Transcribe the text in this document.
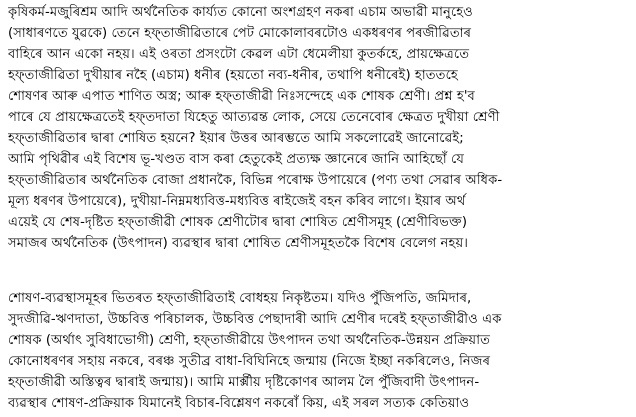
কৃষিকৰ্ম-মজুৰিশ্ৰম আদি অৰ্থনৈতিক কাৰ্য্যত কোনো অংশগ্ৰহণ নকৰা এচাম অভাৱী মানুহেও
(সাধাৰণতে যুৱকে) তেনে হফ্তাজীৱিতাৰে পেট মোকোলাবৰটোও একধৰণৰ পৰজীৱিতাৰ
বাহিৰে আন একো নহয়। এই ওৰতা প্ৰসংটো কেৱল এটা ধেমেলীয়া কুতৰ্কহে, প্ৰায়ক্ষেত্ৰতে
হফ্তাজীৱিতা দুখীয়াৰ নহৈ (এচাম) ধনীৰ (হয়তো নব্য-ধনীৰ, তথাপি ধনীৰেই) হাততহে
শোষণৰ আৰু এপাত শাণিত অস্ত্ৰ; আৰু হফ্তাজীৱী নিঃসন্দেহে এক শোষক শ্ৰেণী। প্ৰশ্ন হ'ব
পাৰে যে প্ৰায়ক্ষেত্ৰতেই হফ্তদাতা যিহেতু আত্যৱন্ত লোক, সেয়ে তেনেবোৰ ক্ষেত্ৰত দুখীয়া শ্ৰেণী
হফ্তাজীৱিতাৰ দ্বাৰা শোষিত হয়নে? ইয়াৰ উত্তৰ আৰম্ভতে আমি সকলোৱেই জানোৱেই;
আমি পৃথিৱীৰ এই বিশেষ ভূ-খণ্ডত বাস কৰা হেতুকেই প্ৰত্যক্ষ জ্ঞানেৰে জানি আহিছোঁ যে
হফ্তাজীৱিতাৰ অৰ্থনৈতিক বোজা প্ৰধানকৈ, বিভিন্ন পৰোক্ষ উপায়েৰে (পণ্য তথা সেৱাৰ অধিক-
মূল্য ধৰণৰ উপায়েৰে), দুখীয়া-নিম্নমধ্যবিত্ত-মধ্যবিত্ত ৰাইজেই বহন কৰিব লাগে। ইয়াৰ অৰ্থ
এয়েই যে শেষ-দৃষ্টিত হফ্তাজীৱী শোষক শ্ৰেণীটোৰ দ্বাৰা শোষিত শ্ৰেণীসমূহ (শ্ৰেণীবিভক্ত)
সমাজৰ অৰ্থনৈতিক (উৎপাদন) ব্যৱস্থাৰ দ্বাৰা শোষিত শ্ৰেণীসমূহতকৈ বিশেষ বেলেগ নহয়।
শোষণ-ব্যৱস্থাসমূহৰ ভিতৰত হফ্তাজীৱিতাই বোধহয় নিকৃষ্টতম। যদিও পুঁজিপতি, জমিদাৰ,
সুদজীৱি-ঋণদাতা, উচ্চবিত্ত পৰিচালক, উচ্চবিত্ত পেছাদাৰী আদি শ্ৰেণীৰ দৰেই হফ্তাজীৱীও এক
শোষক (অৰ্থাৎ সুবিধাভোগী) শ্ৰেণী, হফ্তাজীৱীয়ে উৎপাদন তথা অৰ্থনৈতিক-উন্নয়ন প্ৰক্ৰিয়াত
কোনোধৰণৰ সহায় নকৰে, বৰঞ্চ সুতীব্ৰ বাধা-বিঘিনিহে জন্মায় (নিজে ইচ্ছা নকৰিলেও, নিজৰ
হফ্তাজীৱী অস্তিত্বৰ দ্বাৰাই জন্মায়)। আমি মাৰ্ক্সীয় দৃষ্টিকোণৰ আলম লৈ পুঁজিবাদী উৎপাদন-
ব্যৱস্থাৰ শোষণ-প্ৰক্ৰিয়াক যিমানেই বিচাৰ-বিশ্লেষণ নকৰোঁ কিয়, এই সৰল সত্যক কেতিয়াও
